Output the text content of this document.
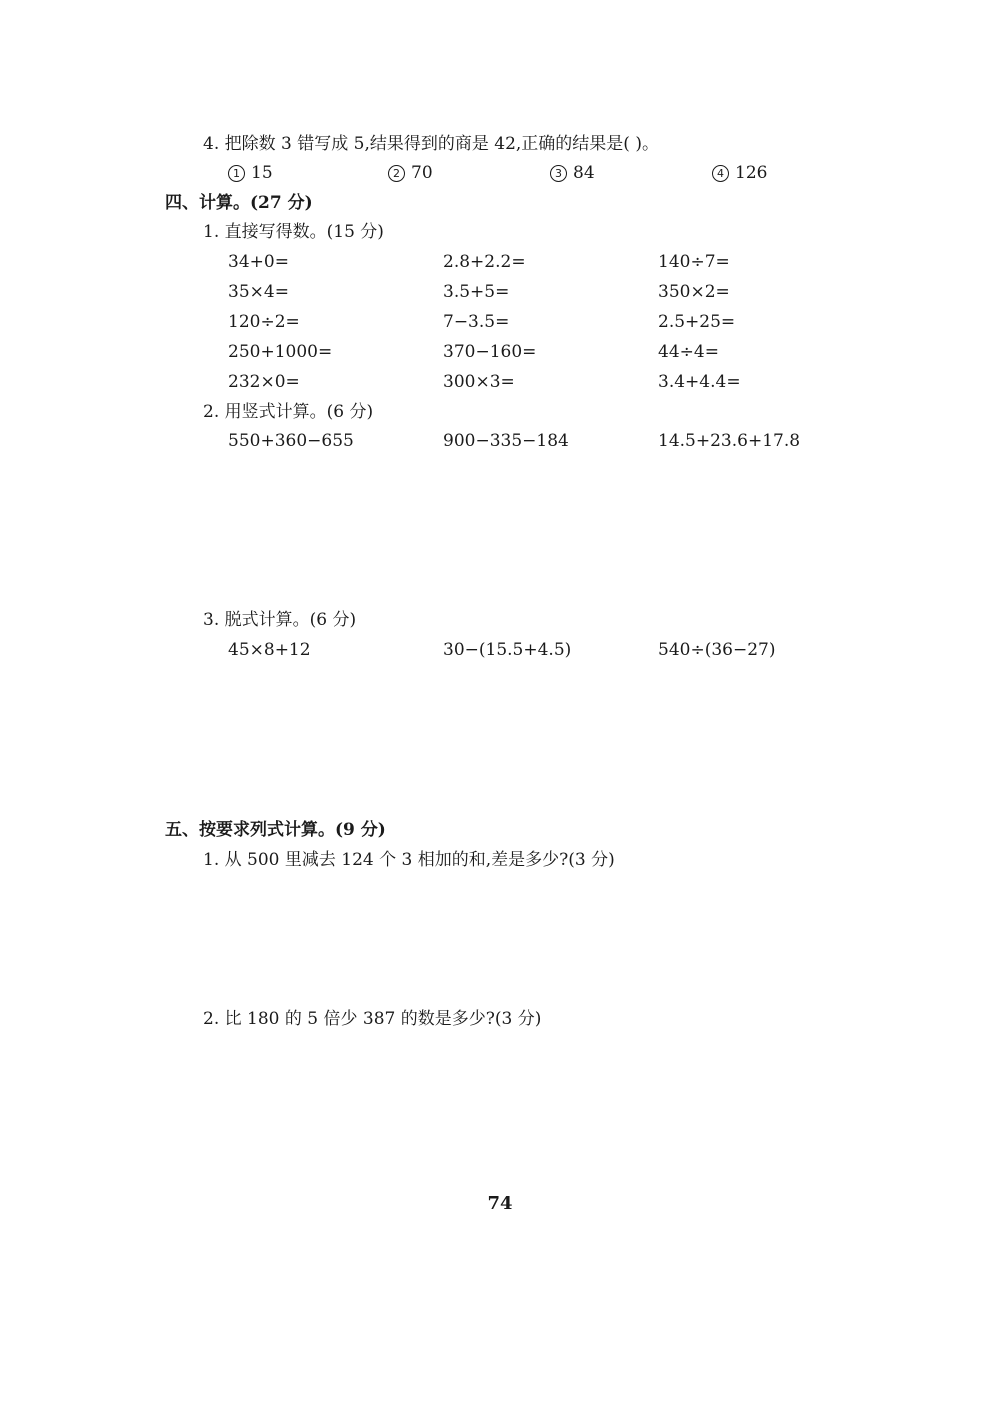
4. 把除数 3 错写成 5,结果得到的商是 42,正确的结果是( )。
1 15	2 70	3 84	4 126
四、计算。(27 分)
1. 直接写得数。(15 分)
34+0=	2.8+2.2=	140÷7=
35×4=	3.5+5=	350×2=
120÷2=	7−3.5=	2.5+25=
250+1000=	370−160=	44÷4=
232×0=	300×3=	3.4+4.4=
2. 用竖式计算。(6 分)
550+360−655	900−335−184	14.5+23.6+17.8
3. 脱式计算。(6 分)
45×8+12	30−(15.5+4.5)	540÷(36−27)
五、按要求列式计算。(9 分)
1. 从 500 里减去 124 个 3 相加的和,差是多少?(3 分)
2. 比 180 的 5 倍少 387 的数是多少?(3 分)
74
